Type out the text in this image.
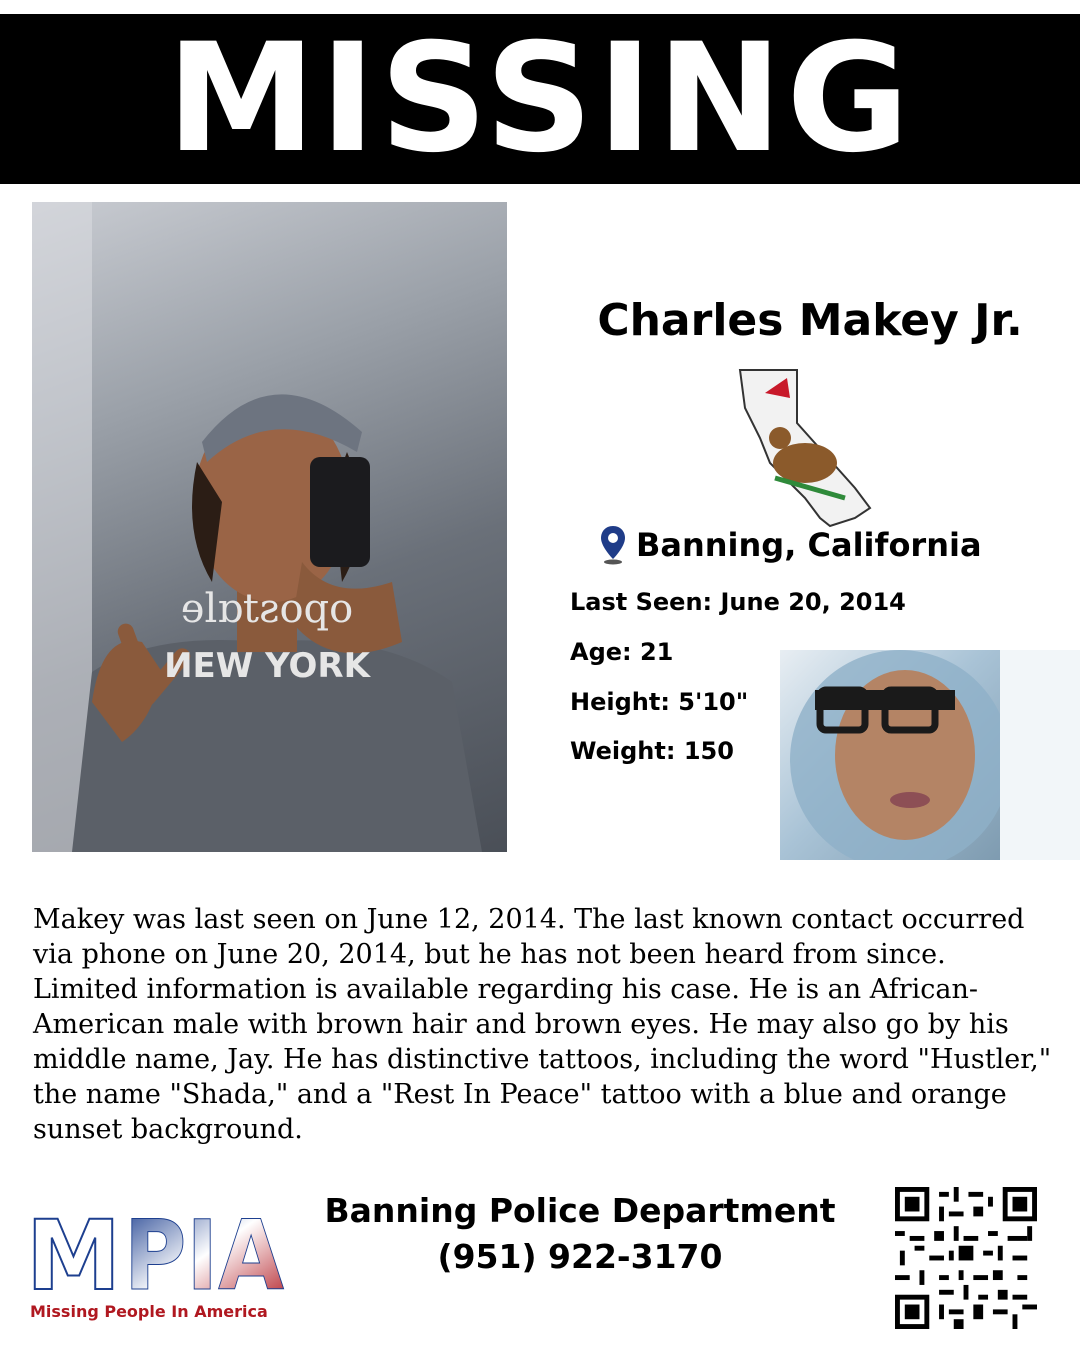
MISSING
ɘlɒtƨoqo
ИEW YORK
Charles Makey Jr.
Banning, California
Last Seen: June 20, 2014
Age: 21
Height: 5'10"
Weight: 150
Makey was last seen on June 12, 2014. The last known contact occurred via phone on June 20, 2014, but he has not been heard from since. Limited information is available regarding his case. He is an African-American male with brown hair and brown eyes. He may also go by his middle name, Jay. He has distinctive tattoos, including the word "Hustler," the name "Shada," and a "Rest In Peace" tattoo with a blue and orange sunset background.
M PIA
Missing People In America
Banning Police Department
(951) 922-3170
